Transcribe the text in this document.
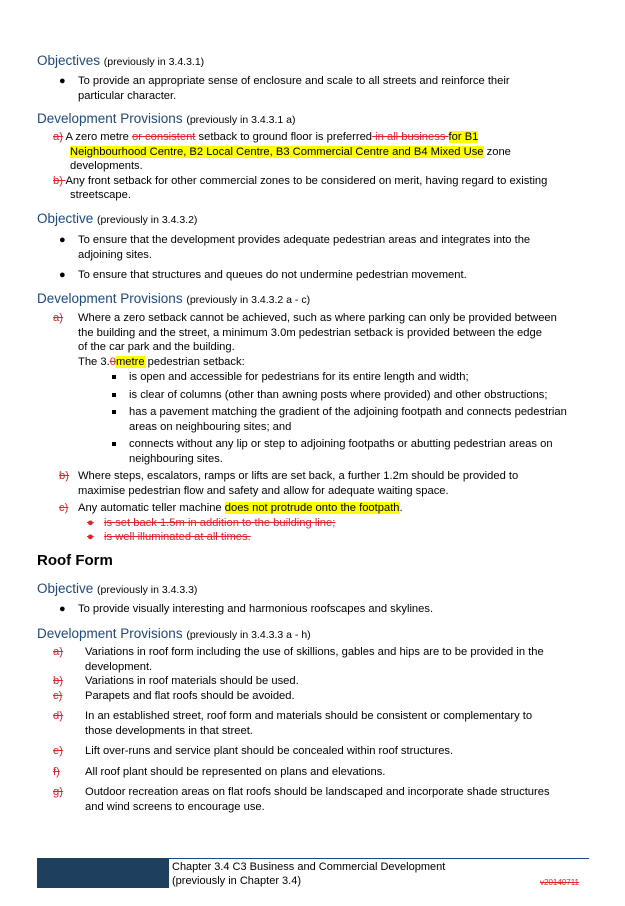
Objectives (previously in 3.4.3.1)

● To provide an appropriate sense of enclosure and scale to all streets and reinforce their
particular character.

Development Provisions (previously in 3.4.3.1 a)

a) A zero metre or consistent setback to ground floor is preferred in all business for B1
Neighbourhood Centre, B2 Local Centre, B3 Commercial Centre and B4 Mixed Use zone
developments.
b) Any front setback for other commercial zones to be considered on merit, having regard to existing
streetscape.

Objective (previously in 3.4.3.2)

● To ensure that the development provides adequate pedestrian areas and integrates into the
adjoining sites.
●	To ensure that structures and queues do not undermine pedestrian movement.

Development Provisions (previously in 3.4.3.2 a - c)

a) Where a zero setback cannot be achieved, such as where parking can only be provided between
the building and the street, a minimum 3.0m pedestrian setback is provided between the edge
of the car park and the building.
The 3.0metre pedestrian setback:
is open and accessible for pedestrians for its entire length and width;
is clear of columns (other than awning posts where provided) and other obstructions;
has a pavement matching the gradient of the adjoining footpath and connects pedestrian
areas on neighbouring sites; and
connects without any lip or step to adjoining footpaths or abutting pedestrian areas on
neighbouring sites.
b) Where steps, escalators, ramps or lifts are set back, a further 1.2m should be provided to
maximise pedestrian flow and safety and allow for adequate waiting space.
c) Any automatic teller machine does not protrude onto the footpath.
● is set back 1.5m in addition to the building line;
● is well illuminated at all times.

Roof Form

Objective (previously in 3.4.3.3)

●	To provide visually interesting and harmonious roofscapes and skylines.

Development Provisions (previously in 3.4.3.3 a - h)

a) Variations in roof form including the use of skillions, gables and hips are to be provided in the
development.
b) Variations in roof materials should be used.
c) Parapets and flat roofs should be avoided.
d) In an established street, roof form and materials should be consistent or complementary to
those developments in that street.
e) Lift over-runs and service plant should be concealed within roof structures.
f) All roof plant should be represented on plans and elevations.
g) Outdoor recreation areas on flat roofs should be landscaped and incorporate shade structures
and wind screens to encourage use.
Chapter 3.4 C3 Business and Commercial Development
(previously in Chapter 3.4)	v20140711
